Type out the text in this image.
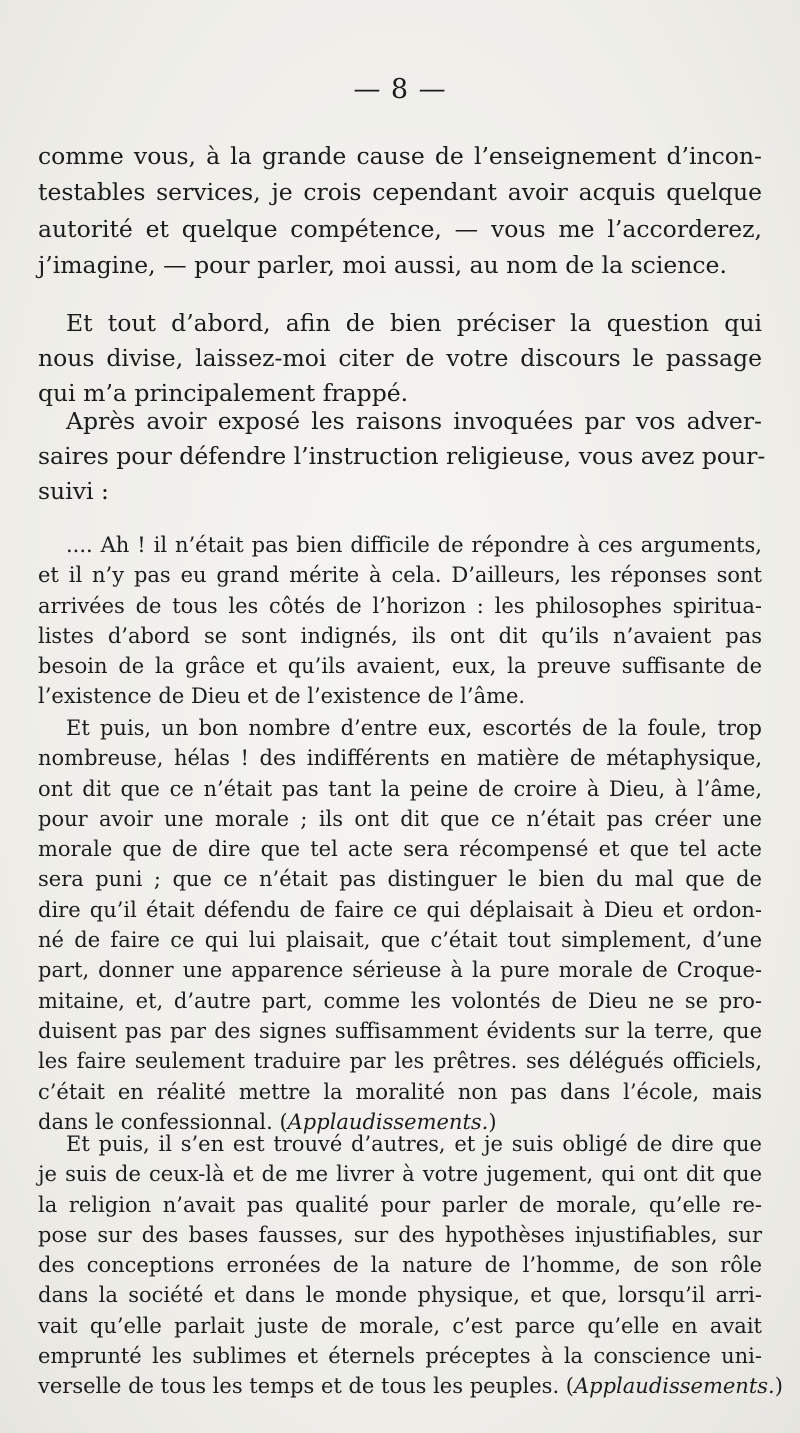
— 8 —
comme vous, à la grande cause de l’enseignement d’incon-
testables services, je crois cependant avoir acquis quelque
autorité et quelque compétence, — vous me l’accorderez,
j’imagine, — pour parler, moi aussi, au nom de la science.
Et tout d’abord, afin de bien préciser la question qui
nous divise, laissez-moi citer de votre discours le passage
qui m’a principalement frappé.
Après avoir exposé les raisons invoquées par vos adver-
saires pour défendre l’instruction religieuse, vous avez pour-
suivi :
.... Ah ! il n’était pas bien difficile de répondre à ces arguments,
et il n’y pas eu grand mérite à cela. D’ailleurs, les réponses sont
arrivées de tous les côtés de l’horizon : les philosophes spiritua-
listes d’abord se sont indignés, ils ont dit qu’ils n’avaient pas
besoin de la grâce et qu’ils avaient, eux, la preuve suffisante de
l’existence de Dieu et de l’existence de l’âme.
Et puis, un bon nombre d’entre eux, escortés de la foule, trop
nombreuse, hélas ! des indifférents en matière de métaphysique,
ont dit que ce n’était pas tant la peine de croire à Dieu, à l’âme,
pour avoir une morale ; ils ont dit que ce n’était pas créer une
morale que de dire que tel acte sera récompensé et que tel acte
sera puni ; que ce n’était pas distinguer le bien du mal que de
dire qu’il était défendu de faire ce qui déplaisait à Dieu et ordon-
né de faire ce qui lui plaisait, que c’était tout simplement, d’une
part, donner une apparence sérieuse à la pure morale de Croque-
mitaine, et, d’autre part, comme les volontés de Dieu ne se pro-
duisent pas par des signes suffisamment évidents sur la terre, que
les faire seulement traduire par les prêtres. ses délégués officiels,
c’était en réalité mettre la moralité non pas dans l’école, mais
dans le confessionnal. (Applaudissements.)
Et puis, il s’en est trouvé d’autres, et je suis obligé de dire que
je suis de ceux-là et de me livrer à votre jugement, qui ont dit que
la religion n’avait pas qualité pour parler de morale, qu’elle re-
pose sur des bases fausses, sur des hypothèses injustifiables, sur
des conceptions erronées de la nature de l’homme, de son rôle
dans la société et dans le monde physique, et que, lorsqu’il arri-
vait qu’elle parlait juste de morale, c’est parce qu’elle en avait
emprunté les sublimes et éternels préceptes à la conscience uni-
verselle de tous les temps et de tous les peuples. (Applaudissements.)
